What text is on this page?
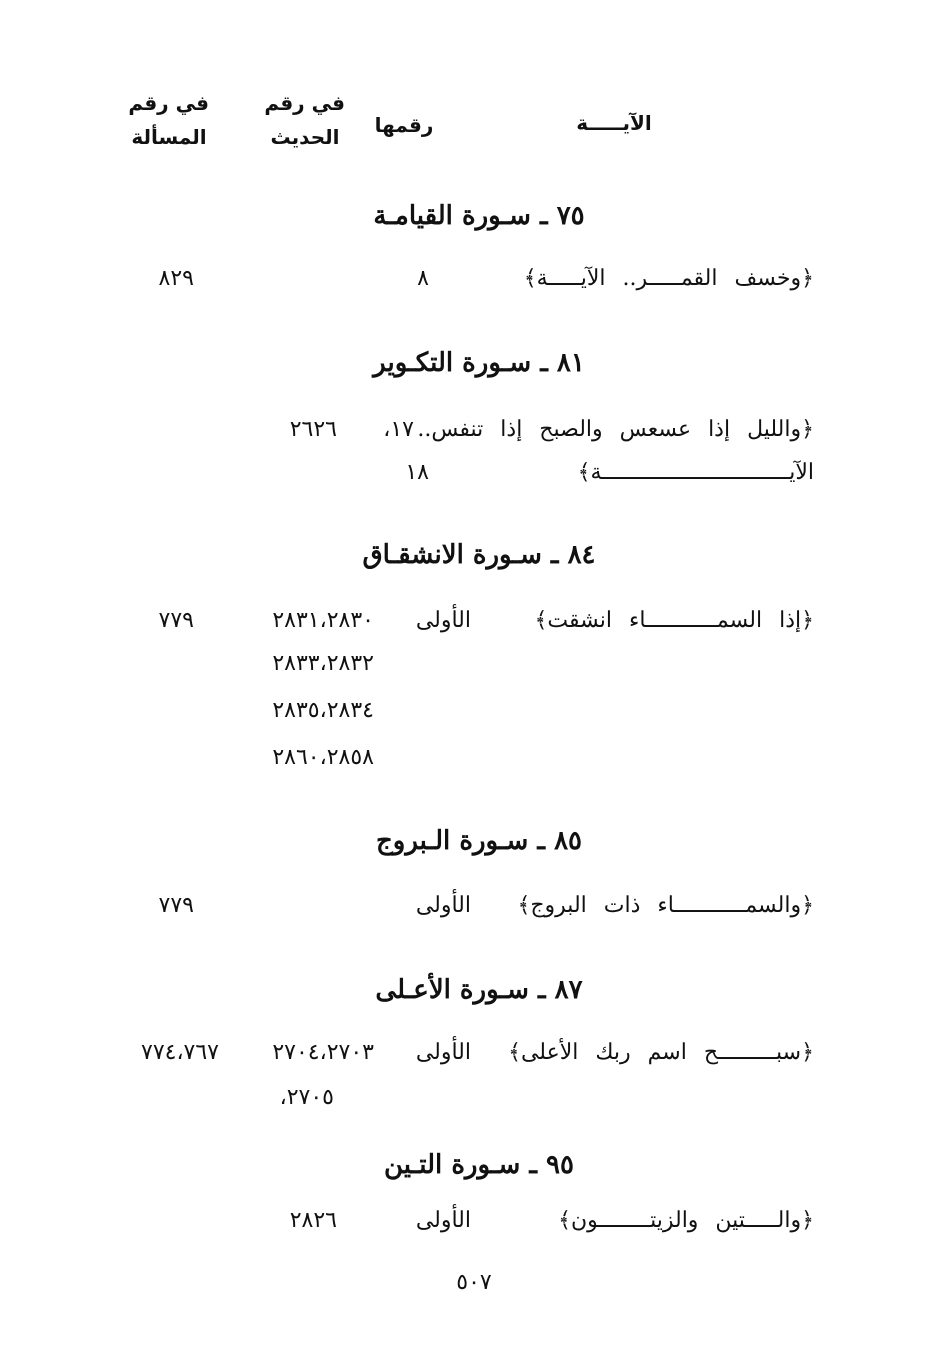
الآيـــــة
رقمها
في رقم
الحديث
في رقم
المسألة
٧٥ ـ سـورة القيامـة
﴿وخسف القمـــــر.. الآيـــــة﴾
٨
٨٢٩
٨١ ـ سـورة التكـوير
﴿والليل إذا عسعس والصبح إذا تنفس..
١٧،
٢٦٢٦
الآيـــــــــــــــــــــــــــــة﴾
١٨
٨٤ ـ سـورة الانشقـاق
﴿إذا السمـــــــــــاء انشقت﴾
الأولى
٢٨٣١،٢٨٣٠
٢٨٣٣،٢٨٣٢
٢٨٣٥،٢٨٣٤
٢٨٦٠،٢٨٥٨
٧٧٩
٨٥ ـ سـورة الـبروج
﴿والسمـــــــــــاء ذات البروج﴾
الأولى
٧٧٩
٨٧ ـ سـورة الأعـلى
﴿سبـــــــــح اسم ربك الأعلى﴾
الأولى
٢٧٠٤،٢٧٠٣
٢٧٠٥،
٧٧٤،٧٦٧
٩٥ ـ سـورة التـين
﴿والـــــتين والزيتــــــــون﴾
الأولى
٢٨٢٦
٥٠٧
